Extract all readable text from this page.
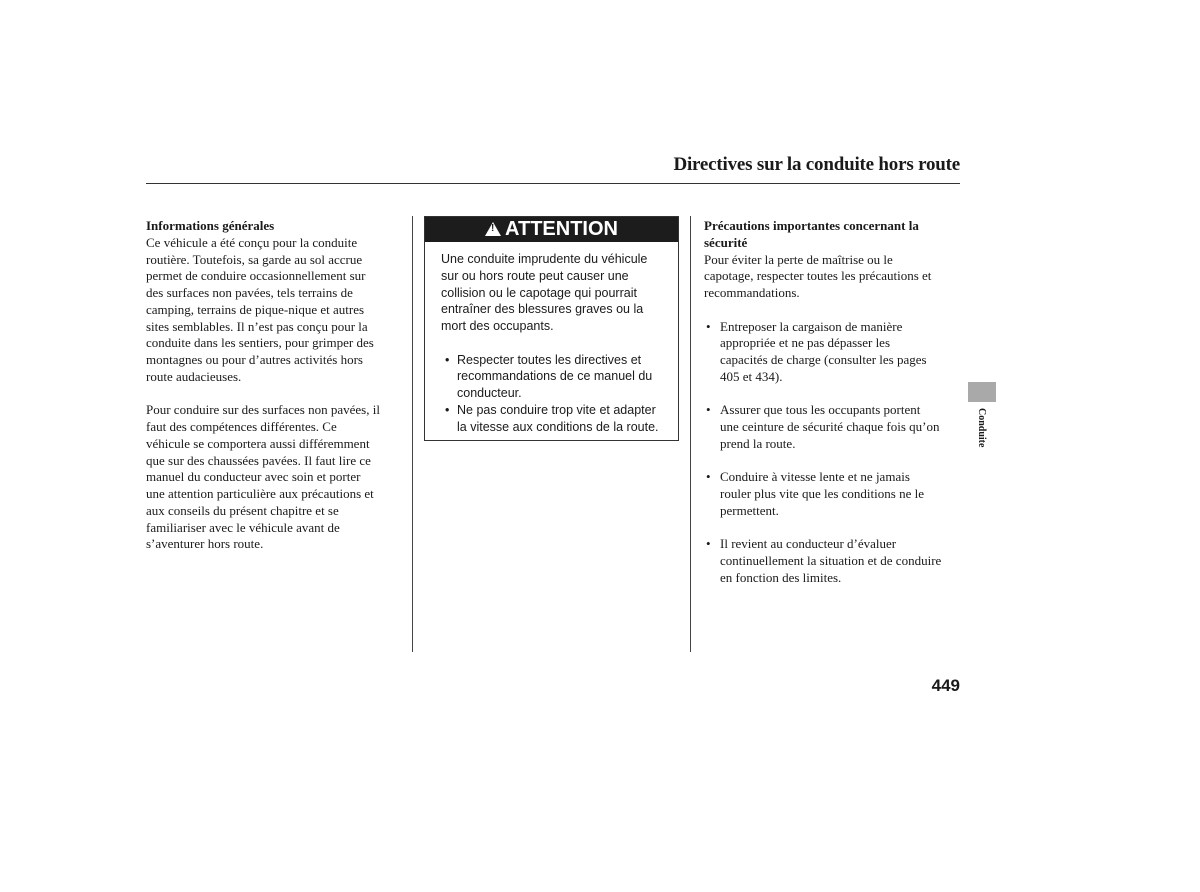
Directives sur la conduite hors route

Informations générales

Ce véhicule a été conçu pour la conduite

routière. Toutefois, sa garde au sol accrue

permet de conduire occasionnellement sur

des surfaces non pavées, tels terrains de

camping, terrains de pique-nique et autres

sites semblables. Il n’est pas conçu pour la

conduite dans les sentiers, pour grimper des

montagnes ou pour d’autres activités hors

route audacieuses.

Pour conduire sur des surfaces non pavées, il

faut des compétences différentes. Ce

véhicule se comportera aussi différemment

que sur des chaussées pavées. Il faut lire ce

manuel du conducteur avec soin et porter

une attention particulière aux précautions et

aux conseils du présent chapitre et se

familiariser avec le véhicule avant de

s’aventurer hors route.

!
ATTENTION

Une conduite imprudente du véhicule

sur ou hors route peut causer une

collision ou le capotage qui pourrait

entraîner des blessures graves ou la

mort des occupants.

• Respecter toutes les directives et

recommandations de ce manuel du

conducteur.

• Ne pas conduire trop vite et adapter

la vitesse aux conditions de la route.

Précautions importantes concernant la

sécurité

Pour éviter la perte de maîtrise ou le

capotage, respecter toutes les précautions et

recommandations.

• Entreposer la cargaison de manière

appropriée et ne pas dépasser les

capacités de charge (consulter les pages

405 et 434).

• Assurer que tous les occupants portent

une ceinture de sécurité chaque fois qu’on

prend la route.

• Conduire à vitesse lente et ne jamais

rouler plus vite que les conditions ne le

permettent.

• Il revient au conducteur d’évaluer

continuellement la situation et de conduire

en fonction des limites.

Conduite
449
